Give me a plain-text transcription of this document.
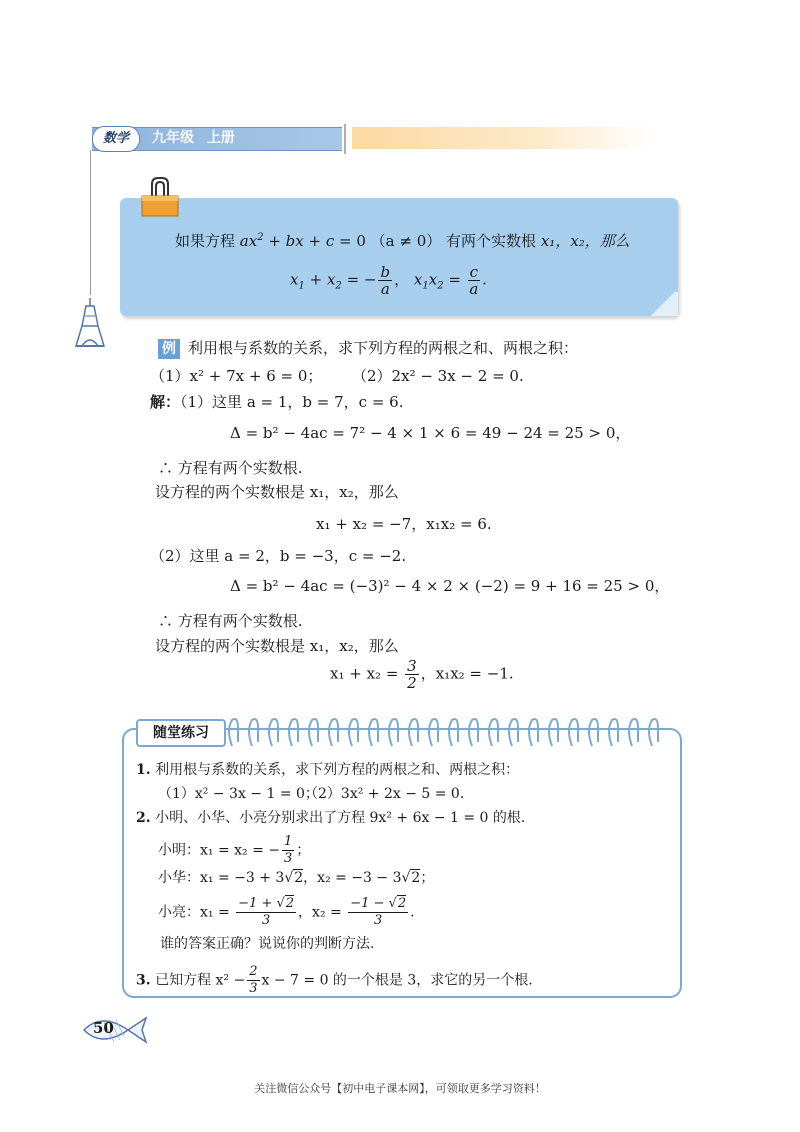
数学	九年级 上册
如果方程 $ax^2$ + bx + c = 0 （a ≠ 0） 有两个实数根 x₁，x₂，那么
$x_1 + x_2$ = − $\frac{b}{a}$ ， $x_1x_2 = \frac{c}{a}$ .
例 利用根与系数的关系，求下列方程的两根之和、两根之积：
（1）x² + 7x + 6 = 0； （2）2x² − 3x − 2 = 0.
解：（1）这里 a = 1，b = 7，c = 6.
Δ = b² − 4ac = 7² − 4 × 1 × 6 = 49 − 24 = 25 > 0，
∴ 方程有两个实数根.
设方程的两个实数根是 x₁，x₂，那么
x₁ + x₂ = −7，x₁x₂ = 6.
（2）这里 a = 2，b = −3，c = −2.
Δ = b² − 4ac = (−3)² − 4 × 2 × (−2) = 9 + 16 = 25 > 0，
∴ 方程有两个实数根.
设方程的两个实数根是 x₁，x₂，那么
$x_1 + x_2 = \frac{3}{2}$ ，x₁x₂ = −1.
随堂练习
1. 利用根与系数的关系，求下列方程的两根之和、两根之积：
（1）x² − 3x − 1 = 0；
（2）3x² + 2x − 5 = 0.
2. 小明、小华、小亮分别求出了方程 9x² + 6x − 1 = 0 的根.
小明：x₁ = x₂ = − $\frac{1}{3}$ ；
小华：x₁ = −3 + 3√2，x₂ = −3 − 3√2；
小亮：$x_1 = \frac{-1 + √2}{3}$ ，$x_2 = \frac{-1 - √2}{3}$ .
谁的答案正确？说说你的判断方法.
3. 已知方程 $x^2 - \frac{2}{3}$ x − 7 = 0 的一个根是 3，求它的另一个根.
50
关注微信公众号【初中电子课本网】，可领取更多学习资料！
